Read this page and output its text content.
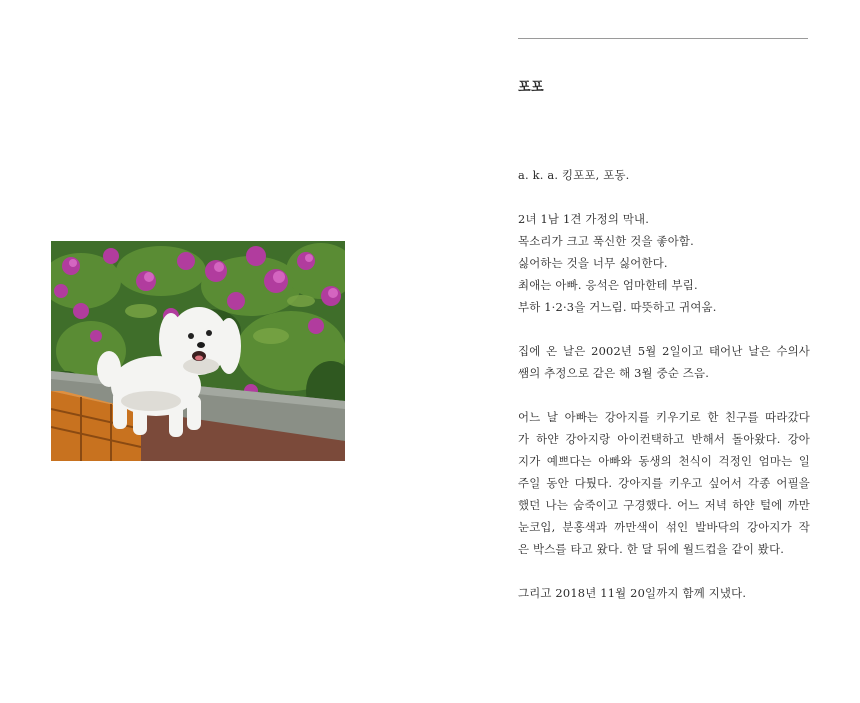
포포
a. k. a. 킹포포, 포동.
2녀 1남 1견 가정의 막내.
목소리가 크고 푹신한 것을 좋아함.
싫어하는 것을 너무 싫어한다.
최애는 아빠. 응석은 엄마한테 부림.
부하 1·2·3을 거느림. 따뜻하고 귀여움.
집에 온 날은 2002년 5월 2일이고 태어난 날은 수의사
쌤의 추정으로 같은 해 3월 중순 즈음.
어느 날 아빠는 강아지를 키우기로 한 친구를 따라갔다
가 하얀 강아지랑 아이컨택하고 반해서 돌아왔다. 강아
지가 예쁘다는 아빠와 동생의 천식이 걱정인 엄마는 일
주일 동안 다퉜다. 강아지를 키우고 싶어서 각종 어필을
했던 나는 숨죽이고 구경했다. 어느 저녁 하얀 털에 까만
눈코입, 분홍색과 까만색이 섞인 발바닥의 강아지가 작
은 박스를 타고 왔다. 한 달 뒤에 월드컵을 같이 봤다.
그리고 2018년 11월 20일까지 함께 지냈다.
